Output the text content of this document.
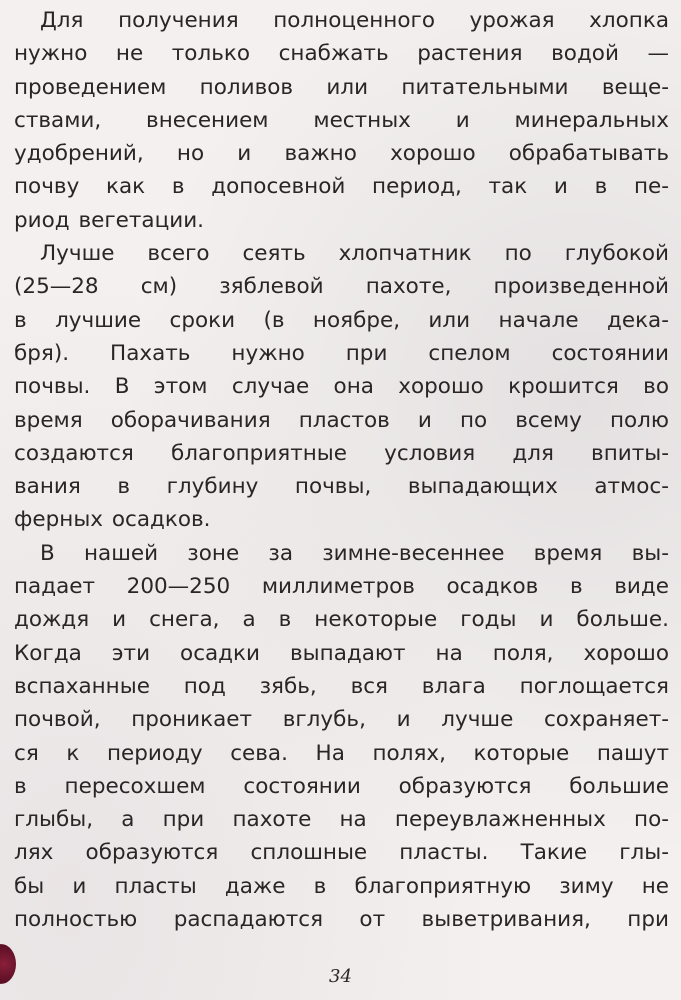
Для получения полноценного урожая хлопка
нужно не только снабжать растения водой —
проведением поливов или питательными веще-
ствами, внесением местных и минеральных
удобрений, но и важно хорошо обрабатывать
почву как в допосевной период, так и в пе-
риод вегетации.
Лучше всего сеять хлопчатник по глубокой
(25—28 см) зяблевой пахоте, произведенной
в лучшие сроки (в ноябре, или начале дека-
бря). Пахать нужно при спелом состоянии
почвы. В этом случае она хорошо крошится во
время оборачивания пластов и по всему полю
создаются благоприятные условия для впиты-
вания в глубину почвы, выпадающих атмос-
ферных осадков.
В нашей зоне за зимне-весеннее время вы-
падает 200—250 миллиметров осадков в виде
дождя и снега, а в некоторые годы и больше.
Когда эти осадки выпадают на поля, хорошо
вспаханные под зябь, вся влага поглощается
почвой, проникает вглубь, и лучше сохраняет-
ся к периоду сева. На полях, которые пашут
в пересохшем состоянии образуются большие
глыбы, а при пахоте на переувлажненных по-
лях образуются сплошные пласты. Такие глы-
бы и пласты даже в благоприятную зиму не
полностью распадаются от выветривания, при
34
